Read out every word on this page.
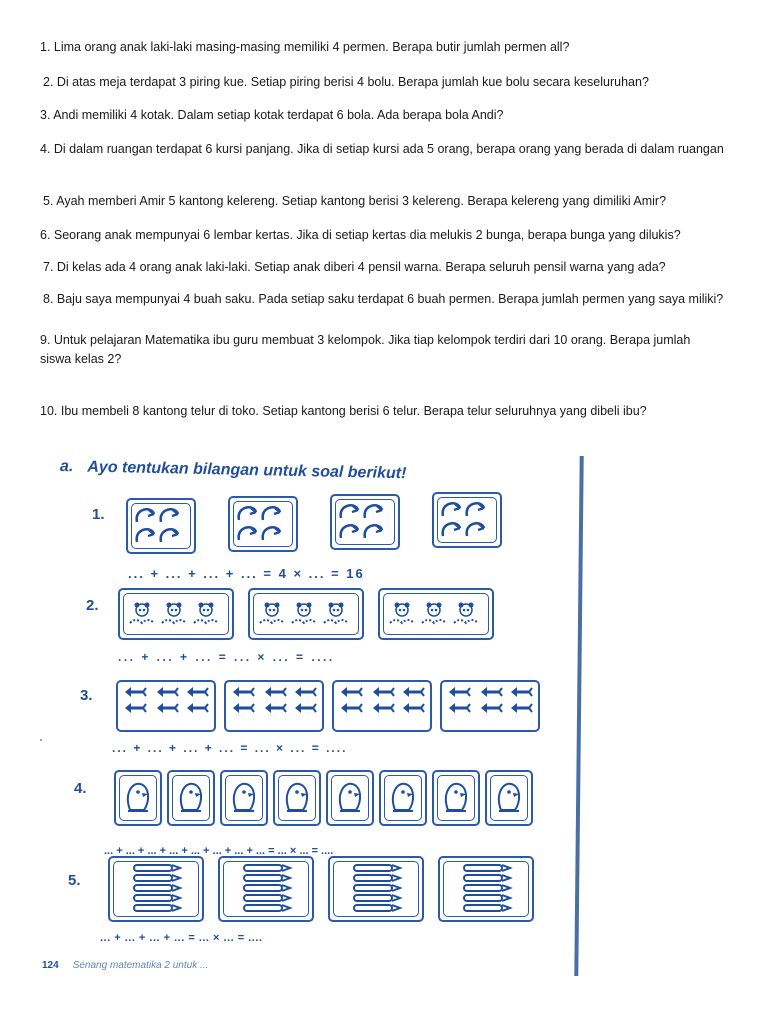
1. Lima orang anak laki-laki masing-masing memiliki 4 permen. Berapa butir jumlah permen all?
2. Di atas meja terdapat 3 piring kue. Setiap piring berisi 4 bolu. Berapa jumlah kue bolu secara keseluruhan?
3. Andi memiliki 4 kotak. Dalam setiap kotak terdapat 6 bola. Ada berapa bola Andi?
4. Di dalam ruangan terdapat 6 kursi panjang. Jika di setiap kursi ada 5 orang, berapa orang yang berada di dalam ruangan
5. Ayah memberi Amir 5 kantong kelereng. Setiap kantong berisi 3 kelereng. Berapa kelereng yang dimiliki Amir?
6. Seorang anak mempunyai 6 lembar kertas. Jika di setiap kertas dia melukis 2 bunga, berapa bunga yang dilukis?
7. Di kelas ada 4 orang anak laki-laki. Setiap anak diberi 4 pensil warna. Berapa seluruh pensil warna yang ada?
8. Baju saya mempunyai 4 buah saku. Pada setiap saku terdapat 6 buah permen. Berapa jumlah permen yang saya miliki?
9. Untuk pelajaran Matematika ibu guru membuat 3 kelompok. Jika tiap kelompok terdiri dari 10 orang. Berapa jumlah siswa kelas 2?
10. Ibu membeli 8 kantong telur di toko. Setiap kantong berisi 6 telur. Berapa telur seluruhnya yang dibeli ibu?
a. Ayo tentukan bilangan untuk soal berikut!
1.
... + ... + ... + ... = 4 × ... = 16
2.
... + ... + ... = ... × ... = ....
3.
... + ... + ... + ... = ... × ... = ....
4.
... + ... + ... + ... + ... + ... + ... + ... = ... × ... = ....
5.
... + ... + ... + ... = ... × ... = ....
124 Senang matematika 2 untuk ...
